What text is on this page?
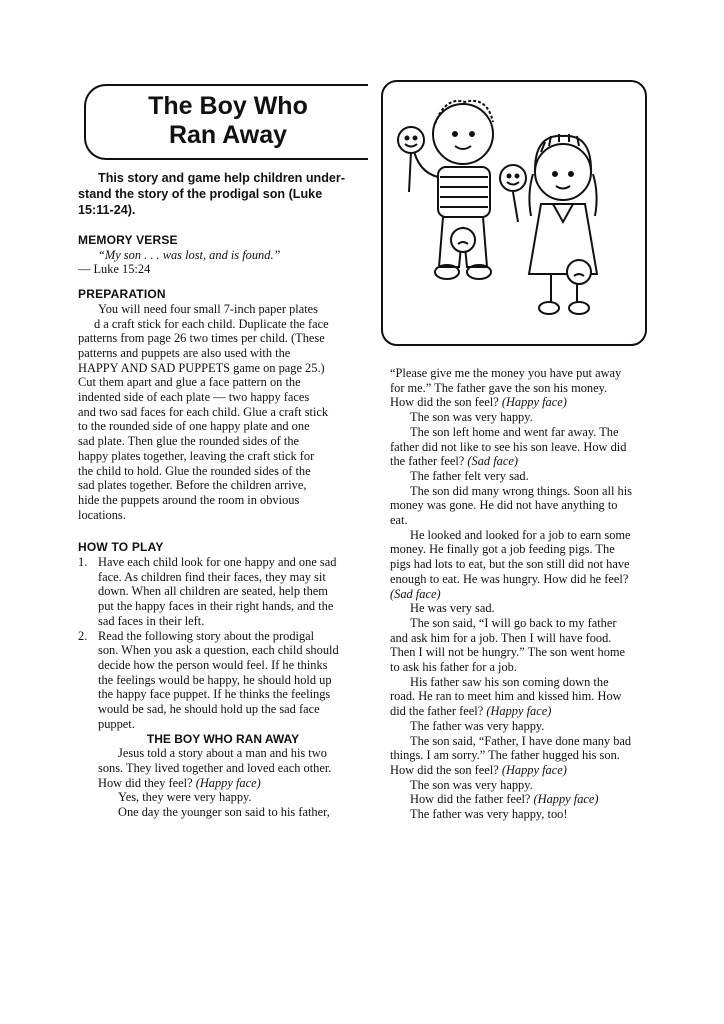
The Boy Who
Ran Away
This story and game help children under-
stand the story of the prodigal son (Luke
15:11-24).
MEMORY VERSE

“My son . . . was lost, and is found.”

— Luke 15:24

PREPARATION

You will need four small 7-inch paper plates

d a craft stick for each child. Duplicate the face

patterns from page 26 two times per child. (These

patterns and puppets are also used with the

HAPPY AND SAD PUPPETS game on page 25.)

Cut them apart and glue a face pattern on the

indented side of each plate — two happy faces

and two sad faces for each child. Glue a craft stick

to the rounded side of one happy plate and one

sad plate. Then glue the rounded sides of the

happy plates together, leaving the craft stick for

the child to hold. Glue the rounded sides of the

sad plates together. Before the children arrive,

hide the puppets around the room in obvious

locations.

HOW TO PLAY
1. Have each child look for one happy and one sad
face. As children find their faces, they may sit
down. When all children are seated, help them
put the happy faces in their right hands, and the
sad faces in their left.
2. Read the following story about the prodigal
son. When you ask a question, each child should
decide how the person would feel. If he thinks
the feelings would be happy, he should hold up
the happy face puppet. If he thinks the feelings
would be sad, he should hold up the sad face
puppet.
THE BOY WHO RAN AWAY
Jesus told a story about a man and his two
sons. They lived together and loved each other.
How did they feel? (Happy face)
Yes, they were very happy.
One day the younger son said to his father,

“Please give me the money you have put away

for me.” The father gave the son his money.

How did the son feel? (Happy face)

The son was very happy.

The son left home and went far away. The

father did not like to see his son leave. How did

the father feel? (Sad face)

The father felt very sad.

The son did many wrong things. Soon all his

money was gone. He did not have anything to

eat.

He looked and looked for a job to earn some

money. He finally got a job feeding pigs. The

pigs had lots to eat, but the son still did not have

enough to eat. He was hungry. How did he feel?

(Sad face)

He was very sad.

The son said, “I will go back to my father

and ask him for a job. Then I will have food.

Then I will not be hungry.” The son went home

to ask his father for a job.

His father saw his son coming down the

road. He ran to meet him and kissed him. How

did the father feel? (Happy face)

The father was very happy.

The son said, “Father, I have done many bad

things. I am sorry.” The father hugged his son.

How did the son feel? (Happy face)

The son was very happy.

How did the father feel? (Happy face)

The father was very happy, too!
